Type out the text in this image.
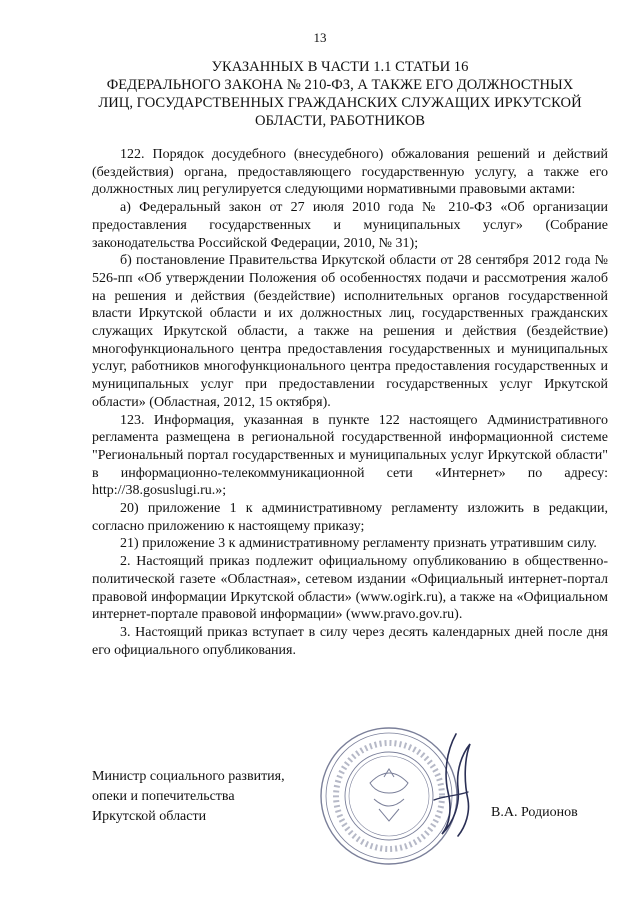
13
УКАЗАННЫХ В ЧАСТИ 1.1 СТАТЬИ 16
ФЕДЕРАЛЬНОГО ЗАКОНА № 210-ФЗ, А ТАКЖЕ ЕГО ДОЛЖНОСТНЫХ
ЛИЦ, ГОСУДАРСТВЕННЫХ ГРАЖДАНСКИХ СЛУЖАЩИХ ИРКУТСКОЙ
ОБЛАСТИ, РАБОТНИКОВ

122. Порядок досудебного (внесудебного) обжалования решений и действий (бездействия) органа, предоставляющего государственную услугу, а также его должностных лиц регулируется следующими нормативными правовыми актами:

а) Федеральный закон от 27 июля 2010 года № 210-ФЗ «Об организации предоставления государственных и муниципальных услуг» (Собрание законодательства Российской Федерации, 2010, № 31);

б) постановление Правительства Иркутской области от 28 сентября 2012 года № 526-пп «Об утверждении Положения об особенностях подачи и рассмотрения жалоб на решения и действия (бездействие) исполнительных органов государственной власти Иркутской области и их должностных лиц, государственных гражданских служащих Иркутской области, а также на решения и действия (бездействие) многофункционального центра предоставления государственных и муниципальных услуг, работников многофункционального центра предоставления государственных и муниципальных услуг при предоставлении государственных услуг Иркутской области» (Областная, 2012, 15 октября).

123. Информация, указанная в пункте 122 настоящего Административного регламента размещена в региональной государственной информационной системе "Региональный портал государственных и муниципальных услуг Иркутской области" в информационно-телекоммуникационной сети «Интернет» по адресу: http://38.gosuslugi.ru.»;

20) приложение 1 к административному регламенту изложить в редакции, согласно приложению к настоящему приказу;

21) приложение 3 к административному регламенту признать утратившим силу.

2. Настоящий приказ подлежит официальному опубликованию в общественно-политической газете «Областная», сетевом издании «Официальный интернет-портал правовой информации Иркутской области» (www.ogirk.ru), а также на «Официальном интернет-портале правовой информации» (www.pravo.gov.ru).

3. Настоящий приказ вступает в силу через десять календарных дней после дня его официального опубликования.

Министр социального развития,
опеки и попечительства
Иркутской области	В.А. Родионов
